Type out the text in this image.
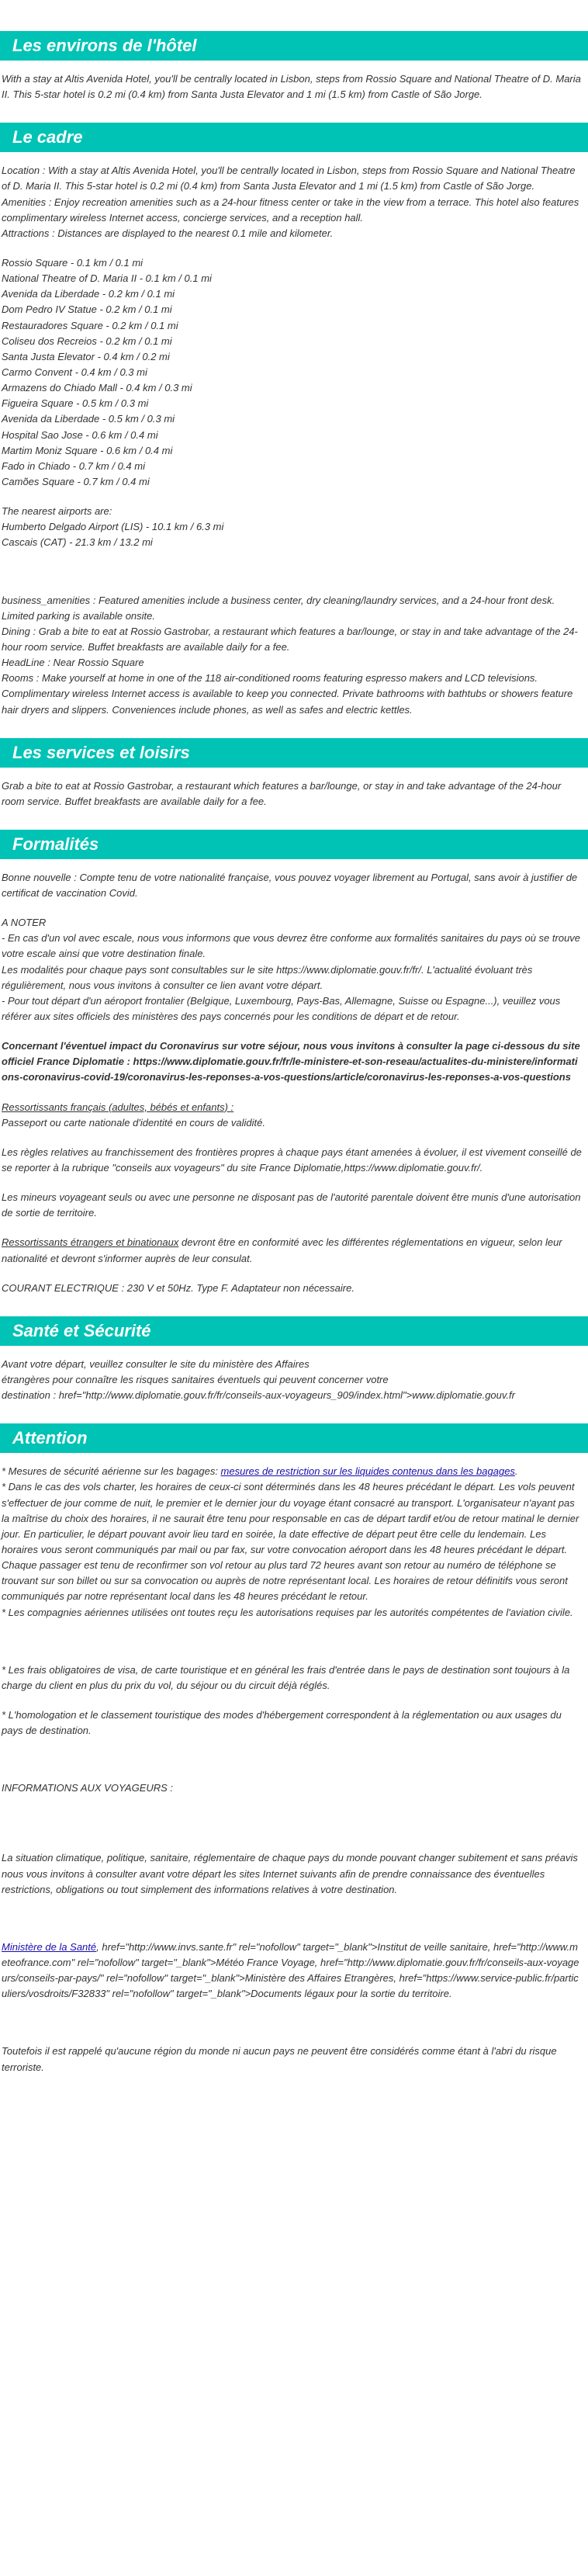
Les environs de l'hôtel

With a stay at Altis Avenida Hotel, you'll be centrally located in Lisbon, steps from Rossio Square and National Theatre of D. Maria II. This 5-star hotel is 0.2 mi (0.4 km) from Santa Justa Elevator and 1 mi (1.5 km) from Castle of São Jorge.

Le cadre
Location : With a stay at Altis Avenida Hotel, you'll be centrally located in Lisbon, steps from Rossio Square and National Theatre of D. Maria II. This 5-star hotel is 0.2 mi (0.4 km) from Santa Justa Elevator and 1 mi (1.5 km) from Castle of São Jorge.
Amenities : Enjoy recreation amenities such as a 24-hour fitness center or take in the view from a terrace. This hotel also features complimentary wireless Internet access, concierge services, and a reception hall.
Attractions : Distances are displayed to the nearest 0.1 mile and kilometer.
Rossio Square - 0.1 km / 0.1 mi
National Theatre of D. Maria II - 0.1 km / 0.1 mi
Avenida da Liberdade - 0.2 km / 0.1 mi
Dom Pedro IV Statue - 0.2 km / 0.1 mi
Restauradores Square - 0.2 km / 0.1 mi
Coliseu dos Recreios - 0.2 km / 0.1 mi
Santa Justa Elevator - 0.4 km / 0.2 mi
Carmo Convent - 0.4 km / 0.3 mi
Armazens do Chiado Mall - 0.4 km / 0.3 mi
Figueira Square - 0.5 km / 0.3 mi
Avenida da Liberdade - 0.5 km / 0.3 mi
Hospital Sao Jose - 0.6 km / 0.4 mi
Martim Moniz Square - 0.6 km / 0.4 mi
Fado in Chiado - 0.7 km / 0.4 mi
Camões Square - 0.7 km / 0.4 mi
The nearest airports are:
Humberto Delgado Airport (LIS) - 10.1 km / 6.3 mi
Cascais (CAT) - 21.3 km / 13.2 mi
business_amenities : Featured amenities include a business center, dry cleaning/laundry services, and a 24-hour front desk. Limited parking is available onsite.
Dining : Grab a bite to eat at Rossio Gastrobar, a restaurant which features a bar/lounge, or stay in and take advantage of the 24-hour room service. Buffet breakfasts are available daily for a fee.
HeadLine : Near Rossio Square
Rooms : Make yourself at home in one of the 118 air-conditioned rooms featuring espresso makers and LCD televisions. Complimentary wireless Internet access is available to keep you connected. Private bathrooms with bathtubs or showers feature hair dryers and slippers. Conveniences include phones, as well as safes and electric kettles.
Les services et loisirs

Grab a bite to eat at Rossio Gastrobar, a restaurant which features a bar/lounge, or stay in and take advantage of the 24-hour room service. Buffet breakfasts are available daily for a fee.

Formalités
Bonne nouvelle : Compte tenu de votre nationalité française, vous pouvez voyager librement au Portugal, sans avoir à justifier de certificat de vaccination Covid.
A NOTER
- En cas d'un vol avec escale, nous vous informons que vous devrez être conforme aux formalités sanitaires du pays où se trouve votre escale ainsi que votre destination finale.
Les modalités pour chaque pays sont consultables sur le site https://www.diplomatie.gouv.fr/fr/. L'actualité évoluant très régulièrement, nous vous invitons à consulter ce lien avant votre départ.
- Pour tout départ d'un aéroport frontalier (Belgique, Luxembourg, Pays-Bas, Allemagne, Suisse ou Espagne...), veuillez vous référer aux sites officiels des ministères des pays concernés pour les conditions de départ et de retour.
Concernant l'éventuel impact du Coronavirus sur votre séjour, nous vous invitons à consulter la page ci-dessous du site officiel France Diplomatie : https://www.diplomatie.gouv.fr/fr/le-ministere-et-son-reseau/actualites-du-ministere/informations-coronavirus-covid-19/coronavirus-les-reponses-a-vos-questions/article/coronavirus-les-reponses-a-vos-questions
Ressortissants français (adultes, bébés et enfants) :
Passeport ou carte nationale d'identité en cours de validité.
Les règles relatives au franchissement des frontières propres à chaque pays étant amenées à évoluer, il est vivement conseillé de se reporter à la rubrique "conseils aux voyageurs" du site France Diplomatie,https://www.diplomatie.gouv.fr/.
Les mineurs voyageant seuls ou avec une personne ne disposant pas de l'autorité parentale doivent être munis d'une autorisation de sortie de territoire.
Ressortissants étrangers et binationaux devront être en conformité avec les différentes réglementations en vigueur, selon leur nationalité et devront s'informer auprès de leur consulat.
COURANT ELECTRIQUE : 230 V et 50Hz. Type F. Adaptateur non nécessaire.
Santé et Sécurité
Avant votre départ, veuillez consulter le site du ministère des Affaires
étrangères pour connaître les risques sanitaires éventuels qui peuvent concerner votre
destination : href="http://www.diplomatie.gouv.fr/fr/conseils-aux-voyageurs_909/index.html">www.diplomatie.gouv.fr
Attention
* Mesures de sécurité aérienne sur les bagages: mesures de restriction sur les liquides contenus dans les bagages.
* Dans le cas des vols charter, les horaires de ceux-ci sont déterminés dans les 48 heures précédant le départ. Les vols peuvent s'effectuer de jour comme de nuit, le premier et le dernier jour du voyage étant consacré au transport. L'organisateur n'ayant pas la maîtrise du choix des horaires, il ne saurait être tenu pour responsable en cas de départ tardif et/ou de retour matinal le dernier jour. En particulier, le départ pouvant avoir lieu tard en soirée, la date effective de départ peut être celle du lendemain. Les horaires vous seront communiqués par mail ou par fax, sur votre convocation aéroport dans les 48 heures précédant le départ. Chaque passager est tenu de reconfirmer son vol retour au plus tard 72 heures avant son retour au numéro de téléphone se trouvant sur son billet ou sur sa convocation ou auprès de notre représentant local. Les horaires de retour définitifs vous seront communiqués par notre représentant local dans les 48 heures précédant le retour.
* Les compagnies aériennes utilisées ont toutes reçu les autorisations requises par les autorités compétentes de l'aviation civile.
* Les frais obligatoires de visa, de carte touristique et en général les frais d'entrée dans le pays de destination sont toujours à la charge du client en plus du prix du vol, du séjour ou du circuit déjà réglés.
* L'homologation et le classement touristique des modes d'hébergement correspondent à la réglementation ou aux usages du pays de destination.
INFORMATIONS AUX VOYAGEURS :
La situation climatique, politique, sanitaire, réglementaire de chaque pays du monde pouvant changer subitement et sans préavis
nous vous invitons à consulter avant votre départ les sites Internet suivants afin de prendre connaissance des éventuelles restrictions, obligations ou tout simplement des informations relatives à votre destination.
Ministère de la Santé, href="http://www.invs.sante.fr" rel="nofollow" target="_blank">Institut de veille sanitaire, href="http://www.meteofrance.com" rel="nofollow" target="_blank">Météo France Voyage, href="http://www.diplomatie.gouv.fr/fr/conseils-aux-voyageurs/conseils-par-pays/" rel="nofollow" target="_blank">Ministère des Affaires Etrangères, href="https://www.service-public.fr/particuliers/vosdroits/F32833" rel="nofollow" target="_blank">Documents légaux pour la sortie du territoire.
Toutefois il est rappelé qu'aucune région du monde ni aucun pays ne peuvent être considérés comme étant à l'abri du risque terroriste.
